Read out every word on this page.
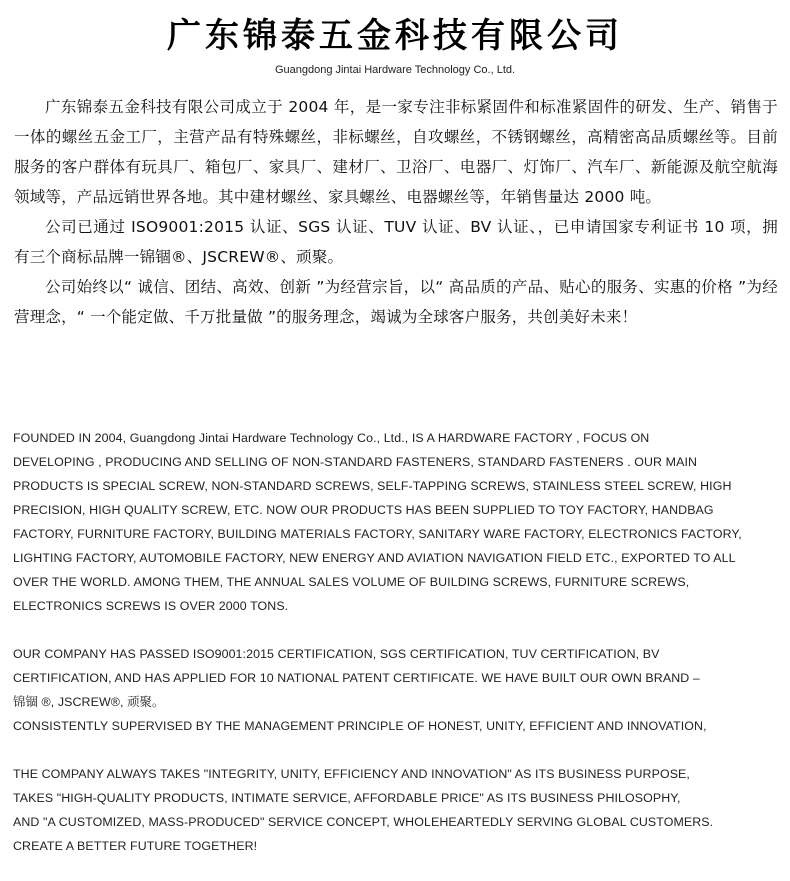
广东锦泰五金科技有限公司
Guangdong Jintai Hardware Technology Co., Ltd.

广东锦泰五金科技有限公司成立于 2004 年，是一家专注非标紧固件和标准紧固件的研发、生产、销售于一体的螺丝五金工厂，主营产品有特殊螺丝，非标螺丝，自攻螺丝，不锈钢螺丝，高精密高品质螺丝等。目前服务的客户群体有玩具厂、箱包厂、家具厂、建材厂、卫浴厂、电器厂、灯饰厂、汽车厂、新能源及航空航海领域等，产品远销世界各地。其中建材螺丝、家具螺丝、电器螺丝等，年销售量达 2000 吨。

公司已通过 ISO9001:2015 认证、SGS 认证、TUV 认证、BV 认证、，已申请国家专利证书 10 项，拥有三个商标品牌一锦锢®、JSCREW®、顽聚。

公司始终以“ 诚信、团结、高效、创新 ”为经营宗旨，以“ 高品质的产品、贴心的服务、实惠的价格 ”为经营理念，“ 一个能定做、千万批量做 ”的服务理念，竭诚为全球客户服务，共创美好未来！

FOUNDED IN 2004, Guangdong Jintai Hardware Technology Co., Ltd., IS A HARDWARE FACTORY , FOCUS ON

DEVELOPING , PRODUCING AND SELLING OF NON-STANDARD FASTENERS, STANDARD FASTENERS . OUR MAIN

PRODUCTS IS SPECIAL SCREW, NON-STANDARD SCREWS, SELF-TAPPING SCREWS, STAINLESS STEEL SCREW, HIGH

PRECISION, HIGH QUALITY SCREW, ETC. NOW OUR PRODUCTS HAS BEEN SUPPLIED TO TOY FACTORY, HANDBAG

FACTORY, FURNITURE FACTORY, BUILDING MATERIALS FACTORY, SANITARY WARE FACTORY, ELECTRONICS FACTORY,

LIGHTING FACTORY, AUTOMOBILE FACTORY, NEW ENERGY AND AVIATION NAVIGATION FIELD ETC., EXPORTED TO ALL

OVER THE WORLD. AMONG THEM, THE ANNUAL SALES VOLUME OF BUILDING SCREWS, FURNITURE SCREWS,

ELECTRONICS SCREWS IS OVER 2000 TONS.

OUR COMPANY HAS PASSED ISO9001:2015 CERTIFICATION, SGS CERTIFICATION, TUV CERTIFICATION, BV

CERTIFICATION, AND HAS APPLIED FOR 10 NATIONAL PATENT CERTIFICATE. WE HAVE BUILT OUR OWN BRAND –

锦锢 ®, JSCREW®, 顽聚。

CONSISTENTLY SUPERVISED BY THE MANAGEMENT PRINCIPLE OF HONEST, UNITY, EFFICIENT AND INNOVATION,

THE COMPANY ALWAYS TAKES "INTEGRITY, UNITY, EFFICIENCY AND INNOVATION" AS ITS BUSINESS PURPOSE,

TAKES "HIGH-QUALITY PRODUCTS, INTIMATE SERVICE, AFFORDABLE PRICE" AS ITS BUSINESS PHILOSOPHY,

AND "A CUSTOMIZED, MASS-PRODUCED" SERVICE CONCEPT, WHOLEHEARTEDLY SERVING GLOBAL CUSTOMERS.

CREATE A BETTER FUTURE TOGETHER!
